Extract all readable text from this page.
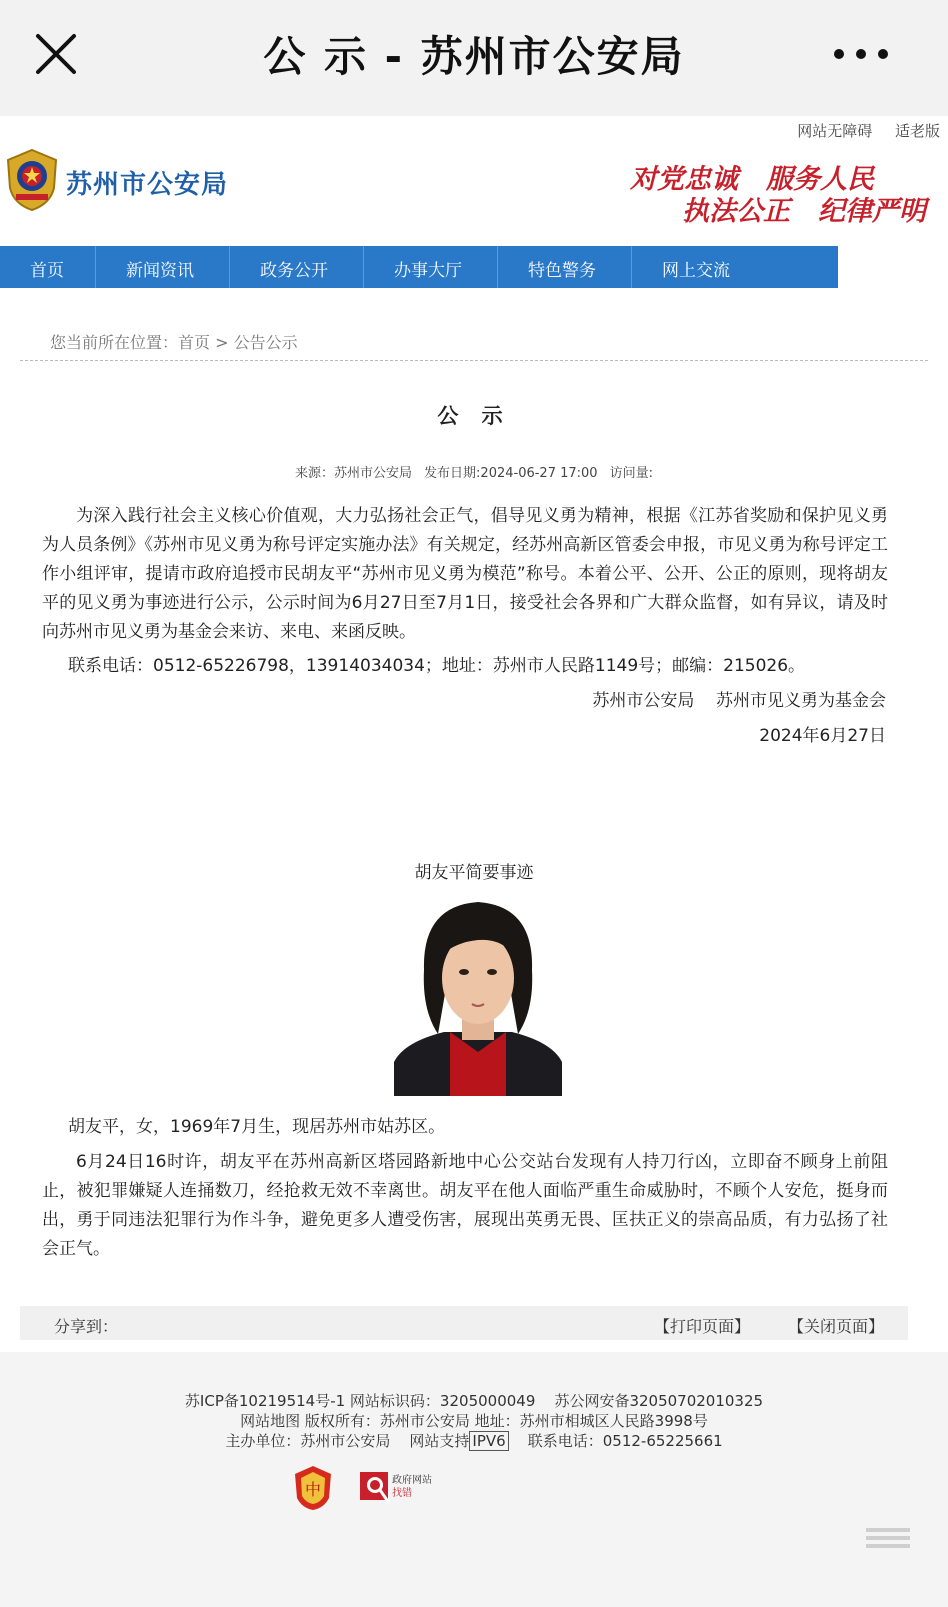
公 示 - 苏州市公安局
网站无障碍 适老版
苏州市公安局	对党忠诚 服务人民
执法公正 纪律严明
首页	新闻资讯	政务公开	办事大厅	特色警务	网上交流
您当前所在位置：首页 > 公告公示
公 示
来源：苏州市公安局 发布日期:2024-06-27 17:00 访问量:
为深入践行社会主义核心价值观，大力弘扬社会正气，倡导见义勇为精神，根据《江苏省奖励和保护见义勇为人员条例》《苏州市见义勇为称号评定实施办法》有关规定，经苏州高新区管委会申报，市见义勇为称号评定工作小组评审，提请市政府追授市民胡友平“苏州市见义勇为模范”称号。本着公平、公开、公正的原则，现将胡友平的见义勇为事迹进行公示，公示时间为6月27日至7月1日，接受社会各界和广大群众监督，如有异议，请及时向苏州市见义勇为基金会来访、来电、来函反映。
联系电话：0512-65226798，13914034034；地址：苏州市人民路1149号；邮编：215026。
苏州市公安局    苏州市见义勇为基金会
2024年6月27日
胡友平简要事迹
胡友平，女，1969年7月生，现居苏州市姑苏区。
6月24日16时许，胡友平在苏州高新区塔园路新地中心公交站台发现有人持刀行凶，立即奋不顾身上前阻止，被犯罪嫌疑人连捅数刀，经抢救无效不幸离世。胡友平在他人面临严重生命威胁时，不顾个人安危，挺身而出，勇于同违法犯罪行为作斗争，避免更多人遭受伤害，展现出英勇无畏、匡扶正义的崇高品质，有力弘扬了社会正气。
分享到：	【打印页面】 【关闭页面】
苏ICP备10219514号-1 网站标识码：3205000049    苏公网安备32050702010325
网站地图 版权所有：苏州市公安局 地址：苏州市相城区人民路3998号
主办单位：苏州市公安局    网站支持 IPV6    联系电话：0512-65225661
中	政府网站
找错
